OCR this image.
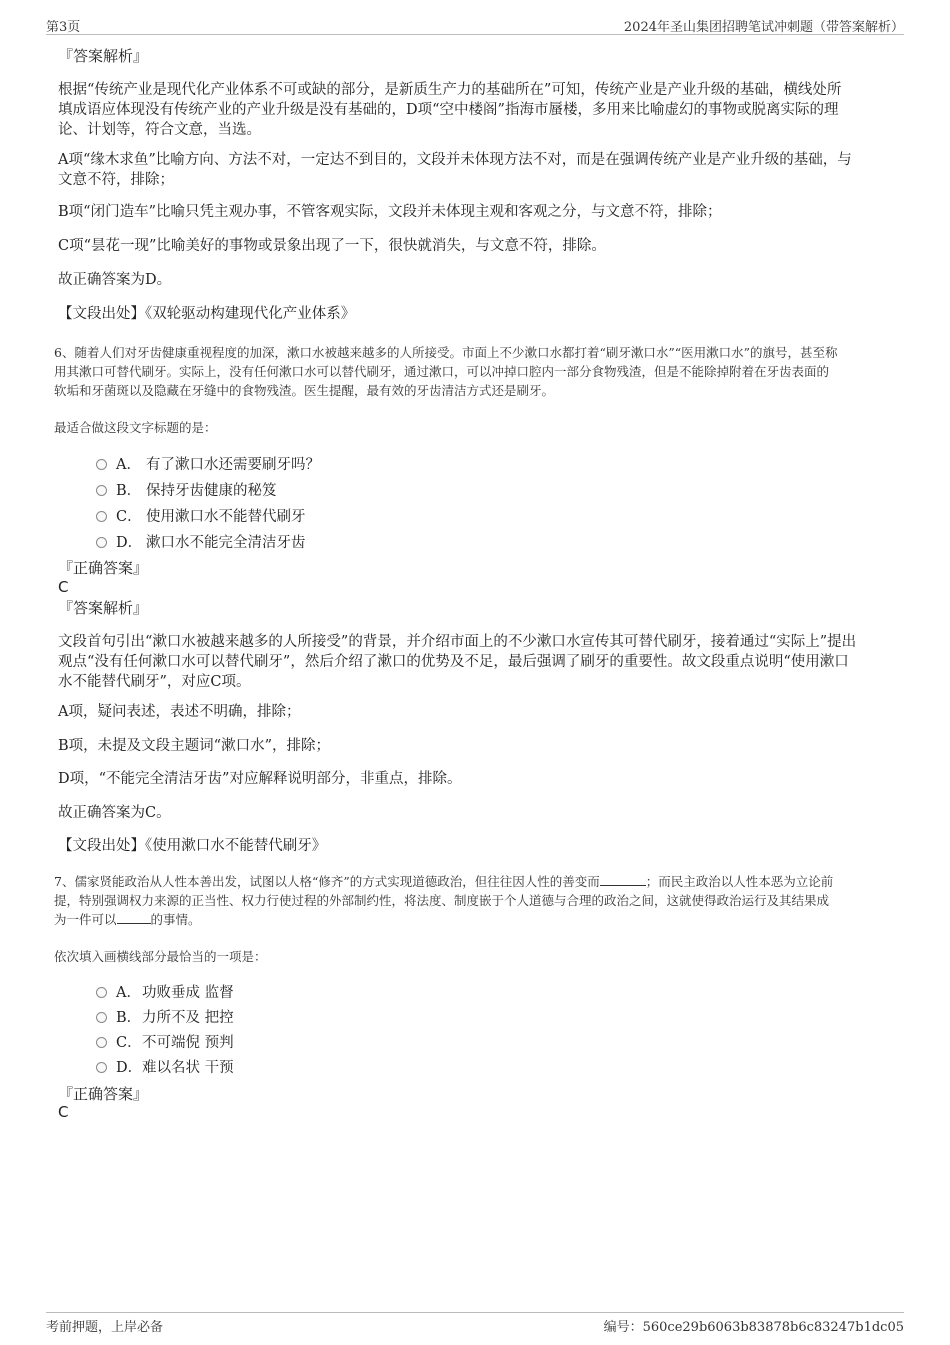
第3页	2024年圣山集团招聘笔试冲刺题（带答案解析）
『答案解析』

根据“传统产业是现代化产业体系不可或缺的部分，是新质生产力的基础所在”可知，传统产业是产业升级的基础，横线处所

填成语应体现没有传统产业的产业升级是没有基础的，D项“空中楼阁”指海市蜃楼，多用来比喻虚幻的事物或脱离实际的理

论、计划等，符合文意，当选。

A项“缘木求鱼”比喻方向、方法不对，一定达不到目的，文段并未体现方法不对，而是在强调传统产业是产业升级的基础，与

文意不符，排除；

B项“闭门造车”比喻只凭主观办事，不管客观实际，文段并未体现主观和客观之分，与文意不符，排除；

C项“昙花一现”比喻美好的事物或景象出现了一下，很快就消失，与文意不符，排除。

故正确答案为D。

【文段出处】《双轮驱动构建现代化产业体系》

6、随着人们对牙齿健康重视程度的加深，漱口水被越来越多的人所接受。市面上不少漱口水都打着“刷牙漱口水”“医用漱口水”的旗号，甚至称

用其漱口可替代刷牙。实际上，没有任何漱口水可以替代刷牙，通过漱口，可以冲掉口腔内一部分食物残渣，但是不能除掉附着在牙齿表面的

软垢和牙菌斑以及隐藏在牙缝中的食物残渣。医生提醒，最有效的牙齿清洁方式还是刷牙。

最适合做这段文字标题的是：
A． 有了漱口水还需要刷牙吗？
B． 保持牙齿健康的秘笈
C． 使用漱口水不能替代刷牙
D． 漱口水不能完全清洁牙齿
『正确答案』
C
『答案解析』

文段首句引出“漱口水被越来越多的人所接受”的背景，并介绍市面上的不少漱口水宣传其可替代刷牙，接着通过“实际上”提出

观点“没有任何漱口水可以替代刷牙”，然后介绍了漱口的优势及不足，最后强调了刷牙的重要性。故文段重点说明“使用漱口

水不能替代刷牙”，对应C项。

A项，疑问表述，表述不明确，排除；

B项，未提及文段主题词“漱口水”，排除；

D项，“不能完全清洁牙齿”对应解释说明部分，非重点，排除。

故正确答案为C。

【文段出处】《使用漱口水不能替代刷牙》

7、儒家贤能政治从人性本善出发，试图以人格“修齐”的方式实现道德政治，但往往因人性的善变而	；而民主政治以人性本恶为立论前

提，特别强调权力来源的正当性、权力行使过程的外部制约性，将法度、制度嵌于个人道德与合理的政治之间，这就使得政治运行及其结果成

为一件可以	的事情。

依次填入画横线部分最恰当的一项是：
A．功败垂成 监督
B．力所不及 把控
C．不可端倪 预判
D．难以名状 干预
『正确答案』
C
考前押题，上岸必备	编号：560ce29b6063b83878b6c83247b1dc05
